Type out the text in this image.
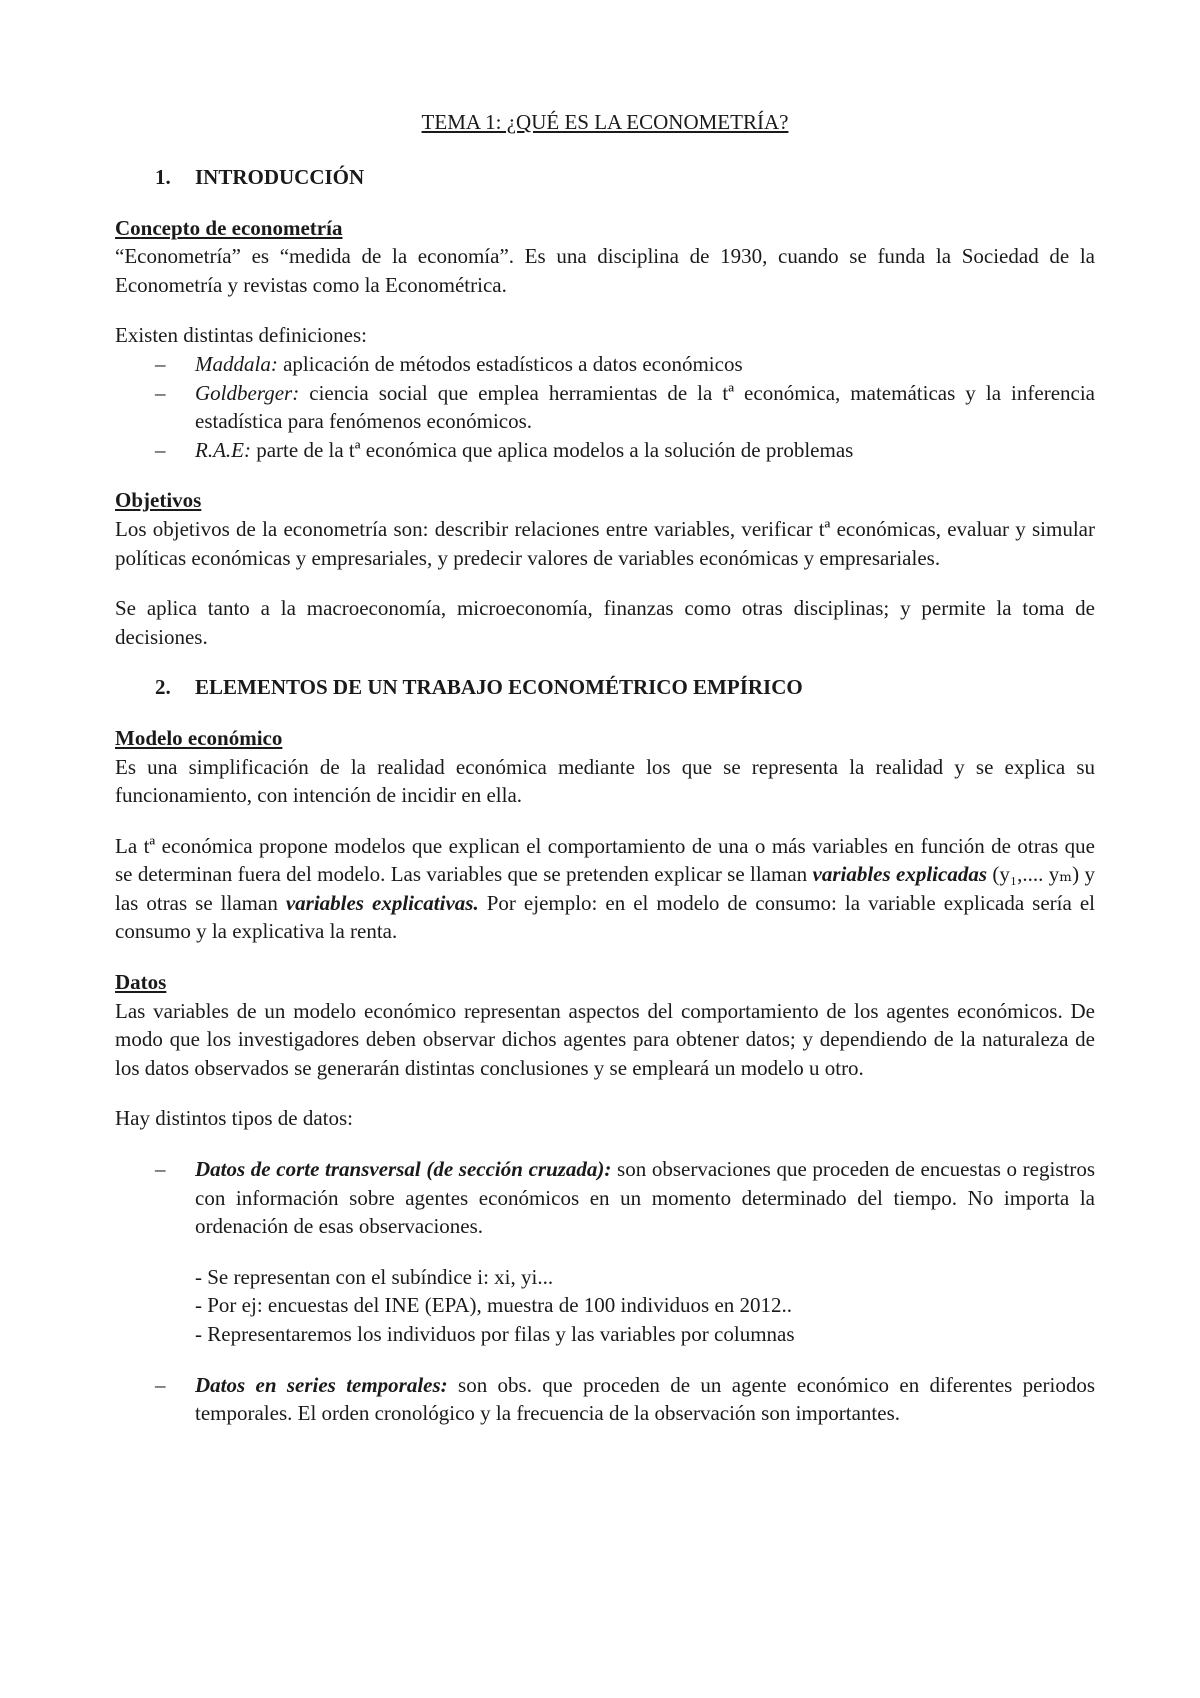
TEMA 1: ¿QUÉ ES LA ECONOMETRÍA?

1.	INTRODUCCIÓN

Concepto de econometría

“Econometría” es “medida de la economía”. Es una disciplina de 1930, cuando se funda la Sociedad de la Econometría y revistas como la Econométrica.

Existen distintas definiciones:

–	Maddala: aplicación de métodos estadísticos a datos económicos
–	Goldberger: ciencia social que emplea herramientas de la tª económica, matemáticas y la inferencia estadística para fenómenos económicos.
–	R.A.E: parte de la tª económica que aplica modelos a la solución de problemas

Objetivos

Los objetivos de la econometría son: describir relaciones entre variables, verificar tª económicas, evaluar y simular políticas económicas y empresariales, y predecir valores de variables económicas y empresariales.

Se aplica tanto a la macroeconomía, microeconomía, finanzas como otras disciplinas; y permite la toma de decisiones.

2.	ELEMENTOS DE UN TRABAJO ECONOMÉTRICO EMPÍRICO

Modelo económico

Es una simplificación de la realidad económica mediante los que se representa la realidad y se explica su funcionamiento, con intención de incidir en ella.

La tª económica propone modelos que explican el comportamiento de una o más variables en función de otras que se determinan fuera del modelo. Las variables que se pretenden explicar se llaman variables explicadas (y₁,.... yₘ) y las otras se llaman variables explicativas. Por ejemplo: en el modelo de consumo: la variable explicada sería el consumo y la explicativa la renta.

Datos

Las variables de un modelo económico representan aspectos del comportamiento de los agentes económicos. De modo que los investigadores deben observar dichos agentes para obtener datos; y dependiendo de la naturaleza de los datos observados se generarán distintas conclusiones y se empleará un modelo u otro.

Hay distintos tipos de datos:

–	Datos de corte transversal (de sección cruzada): son observaciones que proceden de encuestas o registros con información sobre agentes económicos en un momento determinado del tiempo. No importa la ordenación de esas observaciones.

- Se representan con el subíndice i: xi, yi...

- Por ej: encuestas del INE (EPA), muestra de 100 individuos en 2012..

- Representaremos los individuos por filas y las variables por columnas

–	Datos en series temporales: son obs. que proceden de un agente económico en diferentes periodos temporales. El orden cronológico y la frecuencia de la observación son importantes.
